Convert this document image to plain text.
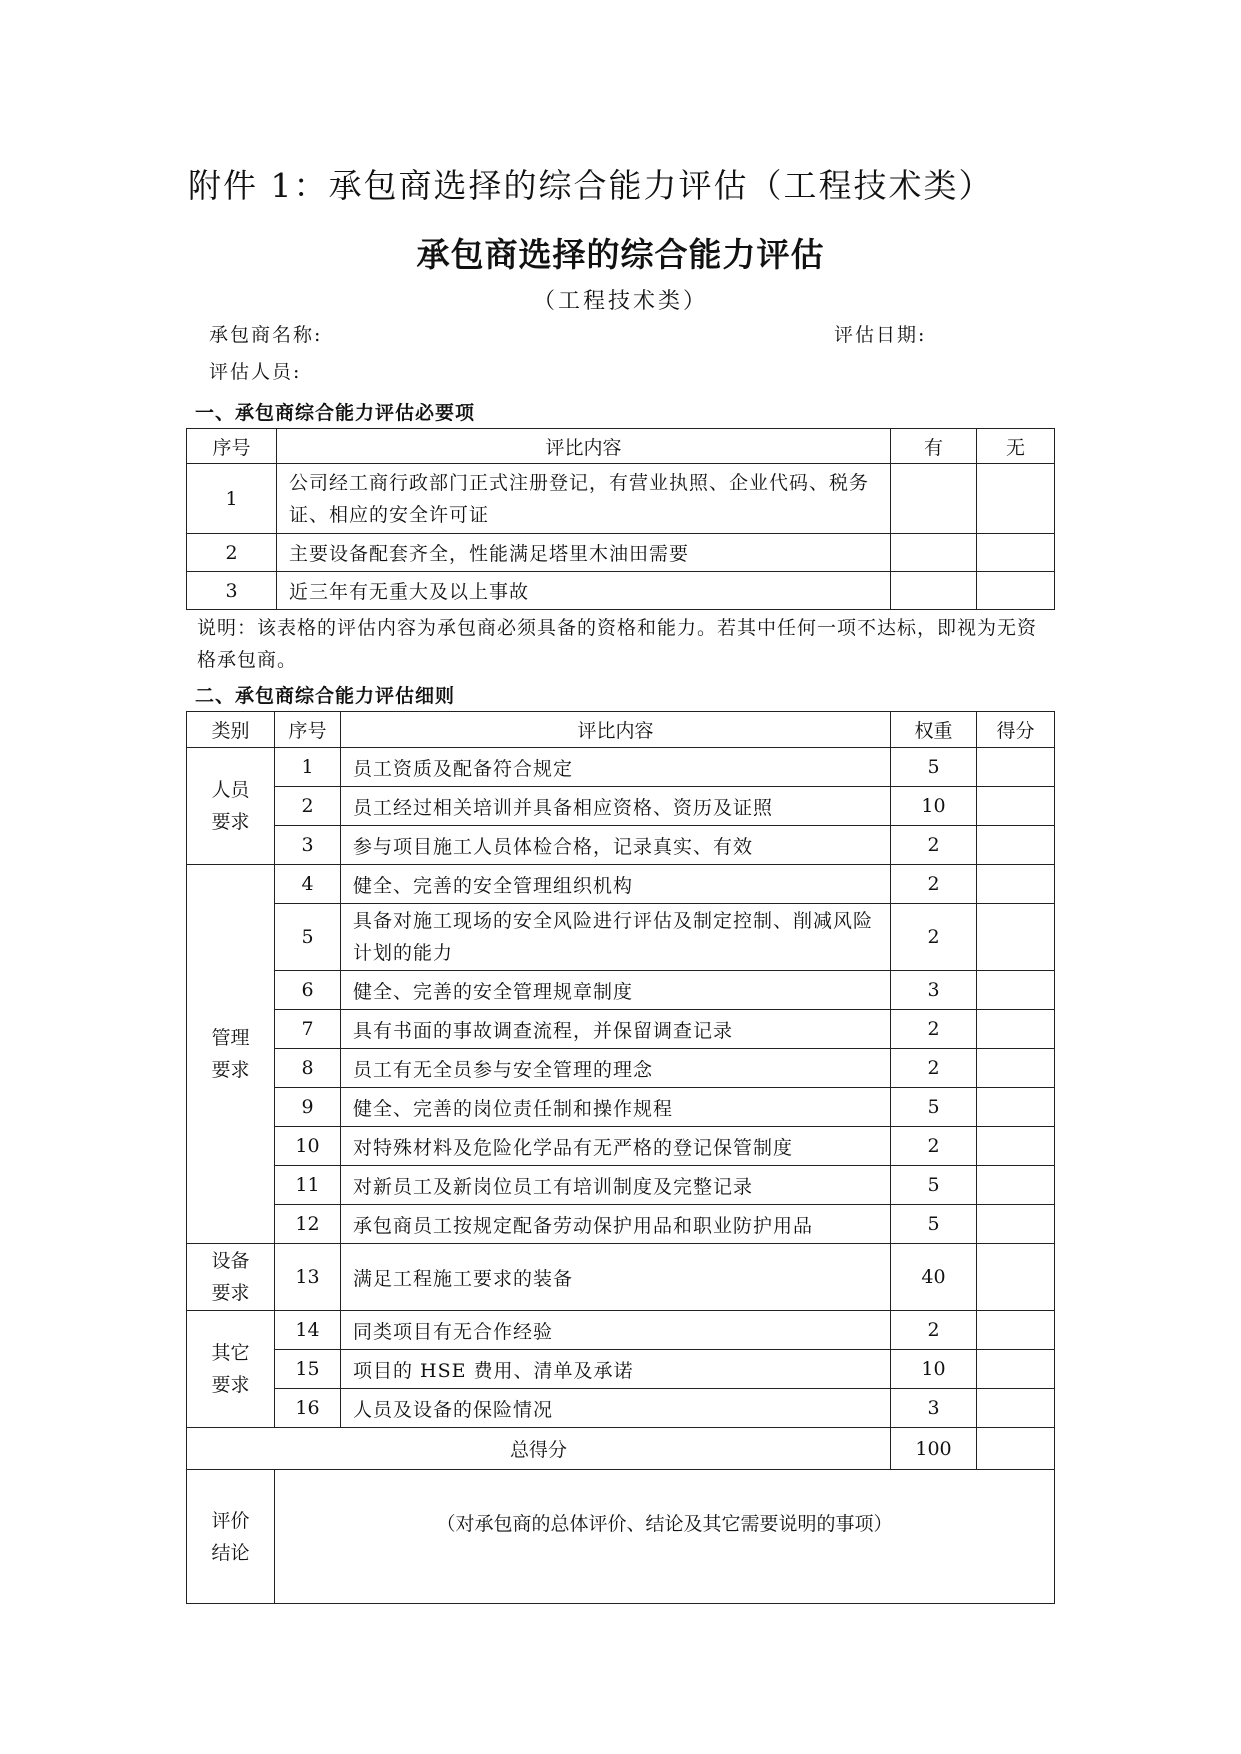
附件 1：承包商选择的综合能力评估（工程技术类）
承包商选择的综合能力评估
（工程技术类）
承包商名称:	评估日期:
评估人员:
一、承包商综合能力评估必要项
序号	评比内容	有	无
1	公司经工商行政部门正式注册登记，有营业执照、企业代码、税务证、相应的安全许可证		
2	主要设备配套齐全，性能满足塔里木油田需要		
3	近三年有无重大及以上事故		
说明：该表格的评估内容为承包商必须具备的资格和能力。若其中任何一项不达标，即视为无资格承包商。
二、承包商综合能力评估细则
类别	序号	评比内容	权重	得分

人员
要求	1	员工资质及配备符合规定	5	
	2	员工经过相关培训并具备相应资格、资历及证照	10	
	3	参与项目施工人员体检合格，记录真实、有效	2	

管理
要求	4	健全、完善的安全管理组织机构	2	
	5	具备对施工现场的安全风险进行评估及制定控制、削减风险计划的能力	2	
	6	健全、完善的安全管理规章制度	3	
	7	具有书面的事故调查流程，并保留调查记录	2	
	8	员工有无全员参与安全管理的理念	2	
	9	健全、完善的岗位责任制和操作规程	5	
	10	对特殊材料及危险化学品有无严格的登记保管制度	2	
	11	对新员工及新岗位员工有培训制度及完整记录	5	
	12	承包商员工按规定配备劳动保护用品和职业防护用品	5	

设备
要求	13	满足工程施工要求的装备	40	

其它
要求	14	同类项目有无合作经验	2	
	15	项目的 HSE 费用、清单及承诺	10	
	16	人员及设备的保险情况	3	
总得分			100	

评价
结论	（对承包商的总体评价、结论及其它需要说明的事项）			
